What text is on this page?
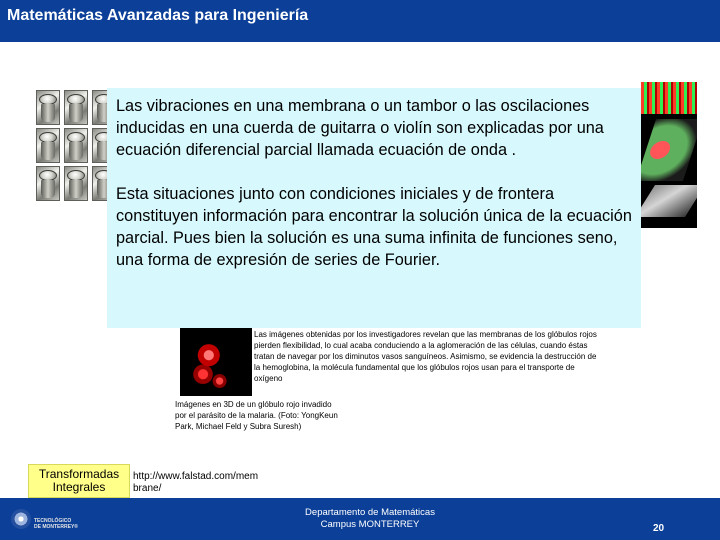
Matemáticas Avanzadas para Ingeniería

Las vibraciones en una membrana o un tambor o las oscilaciones inducidas en una cuerda de guitarra o violín son explicadas por una ecuación diferencial parcial llamada ecuación de onda .

Esta situaciones junto con condiciones iniciales y de frontera constituyen información para encontrar la solución única de la ecuación parcial. Pues bien la solución es una suma infinita de funciones seno, una forma de expresión de series de Fourier.

Las imágenes obtenidas por los investigadores revelan que las membranas de los glóbulos rojos pierden flexibilidad, lo cual acaba conduciendo a la aglomeración de las células, cuando éstas tratan de navegar por los diminutos vasos sanguíneos. Asimismo, se evidencia la destrucción de la hemoglobina, la molécula fundamental que los glóbulos rojos usan para el transporte de oxígeno
Imágenes en 3D de un glóbulo rojo invadido por el parásito de la malaria. (Foto: YongKeun Park, Michael Feld y Subra Suresh)
Transformadas
Integrales
http://www.falstad.com/membrane/
TECNOLÓGICO
DE MONTERREY®
Departamento de Matemáticas
Campus MONTERREY	20
